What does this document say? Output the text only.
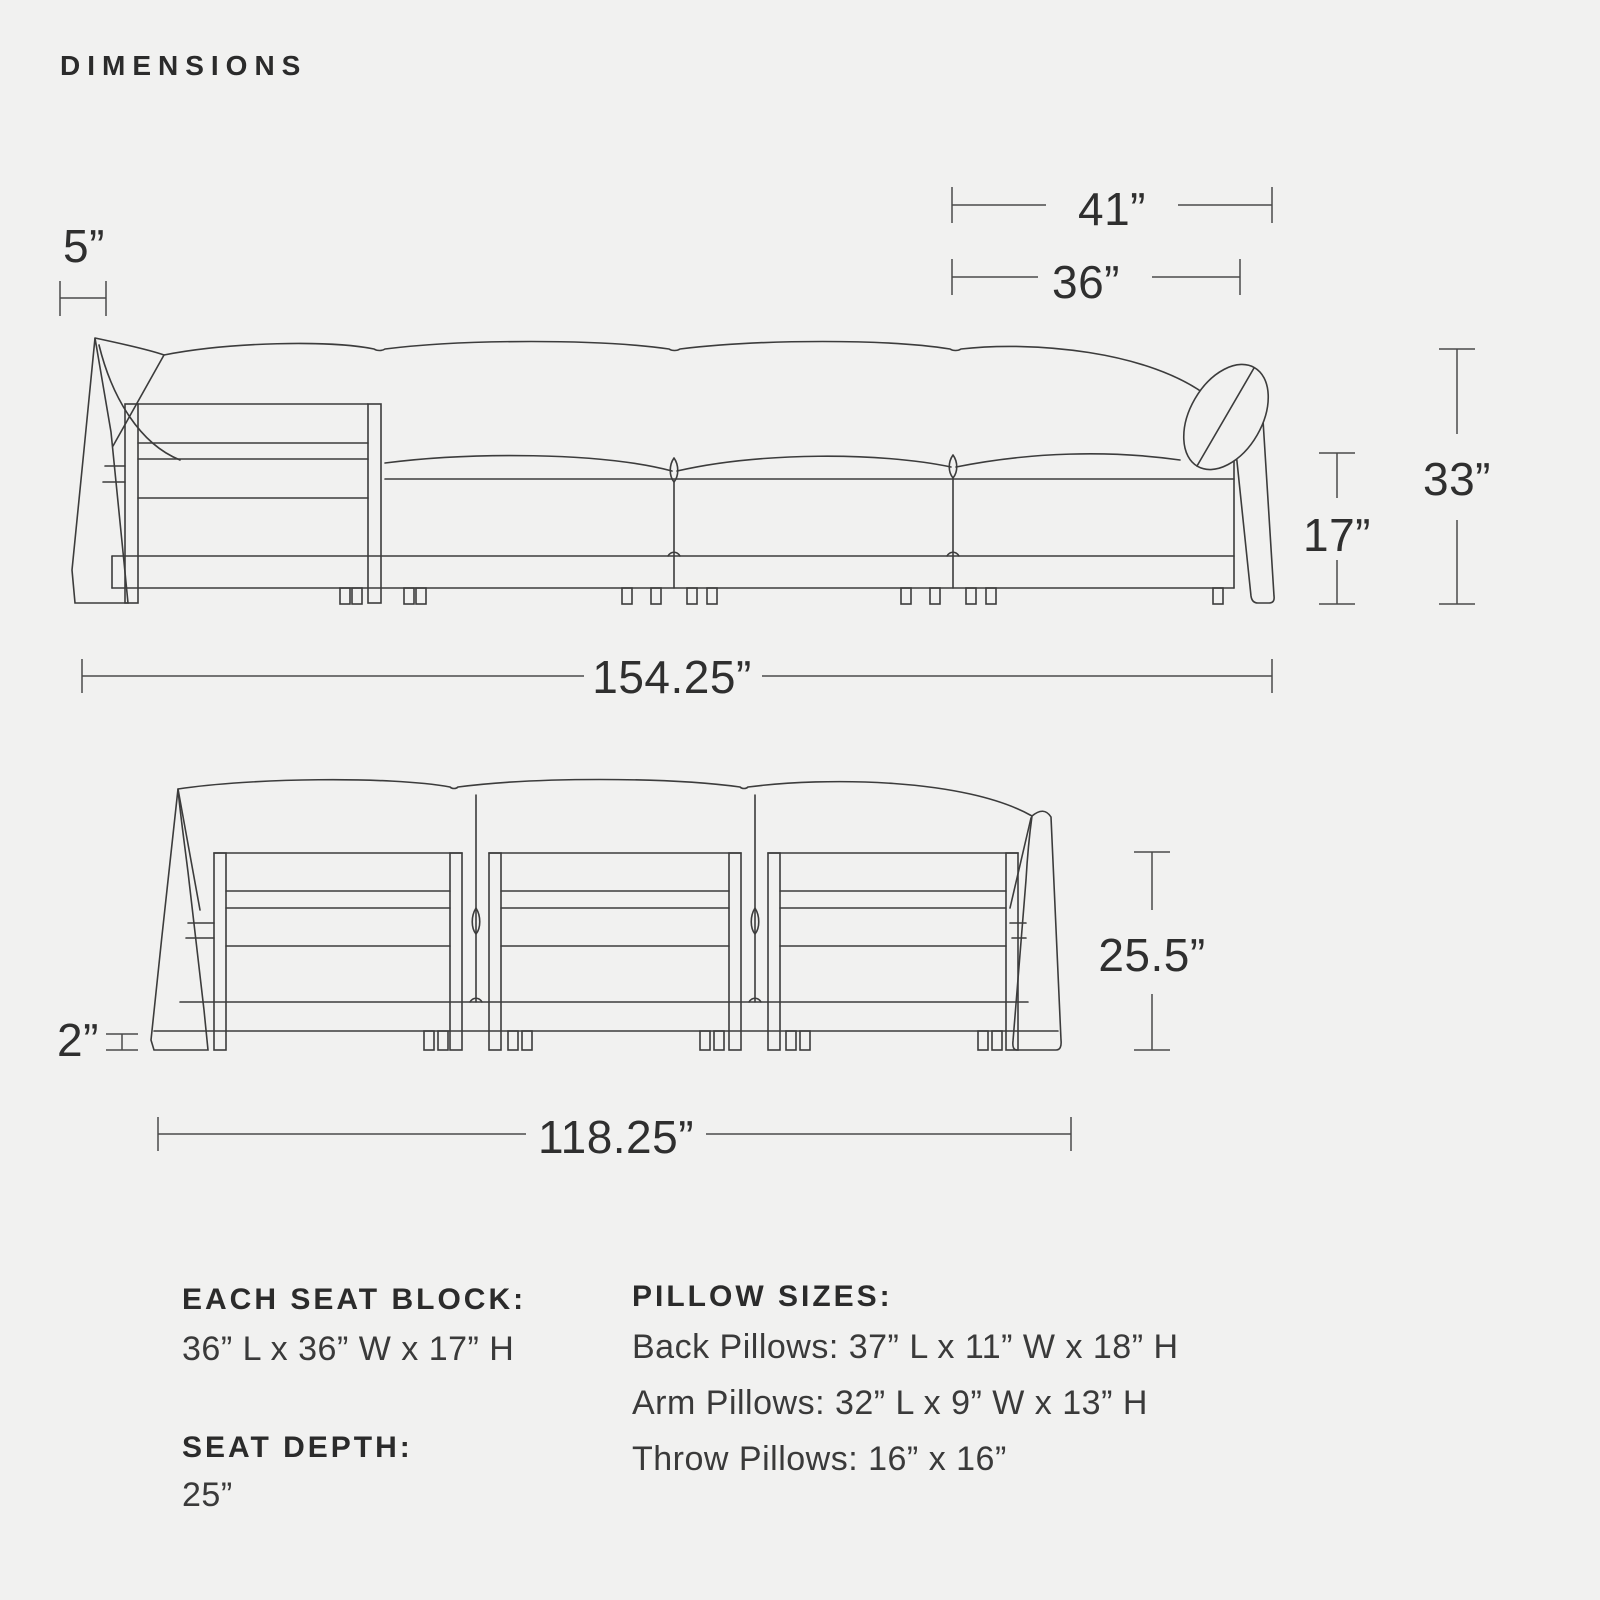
DIMENSIONS
5”
41”
36”
33”
17”
154.25”
25.5”
2”
118.25”
EACH SEAT BLOCK:
36” L x 36” W x 17” H
SEAT DEPTH:
25”
PILLOW SIZES:
Back Pillows: 37” L x 11” W x 18” H
Arm Pillows: 32” L x 9” W x 13” H
Throw Pillows: 16” x 16”
